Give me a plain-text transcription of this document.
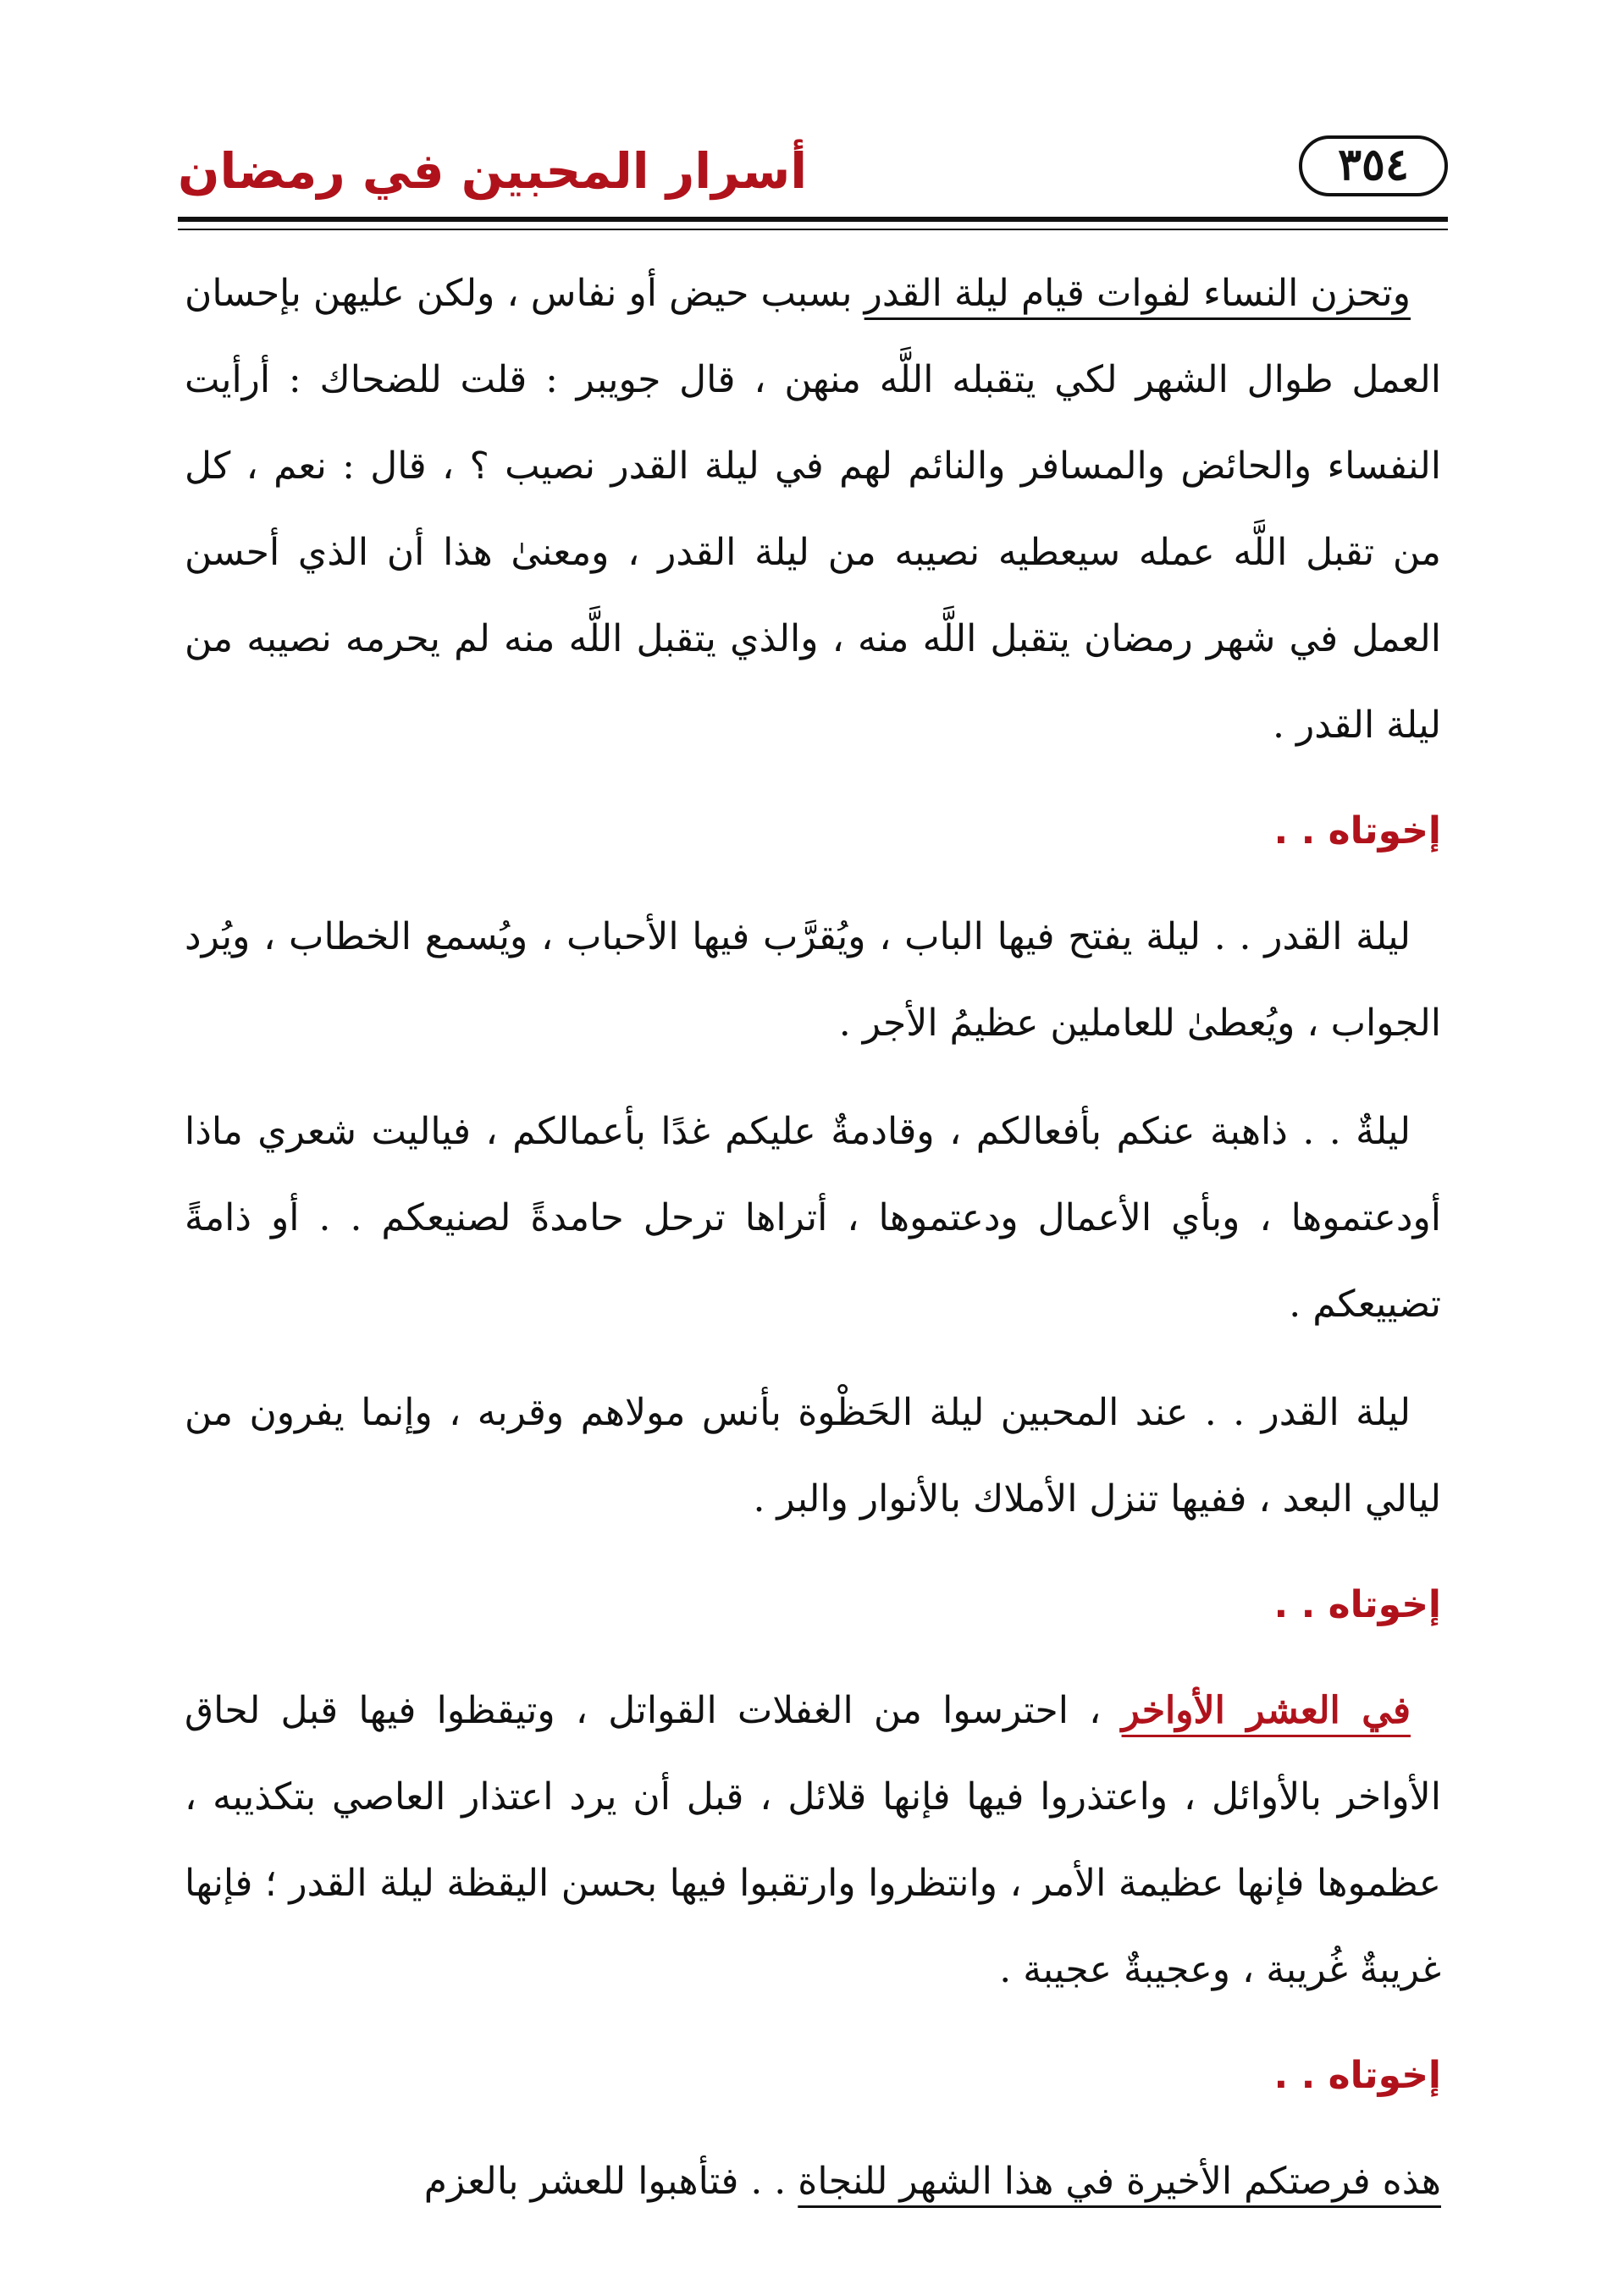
أسرار المحبين في رمضان	٣٥٤

وتحزن النساء لفوات قيام ليلة القدر بسبب حيض أو نفاس ، ولكن عليهن بإحسان العمل طوال الشهر لكي يتقبله اللَّه منهن ، قال جويبر : قلت للضحاك : أرأيت النفساء والحائض والمسافر والنائم لهم في ليلة القدر نصيب ؟ ، قال : نعم ، كل من تقبل اللَّه عمله سيعطيه نصيبه من ليلة القدر ، ومعنىٰ هذا أن الذي أحسن العمل في شهر رمضان يتقبل اللَّه منه ، والذي يتقبل اللَّه منه لم يحرمه نصيبه من ليلة القدر .

إخوتاه . .

ليلة القدر . . ليلة يفتح فيها الباب ، ويُقرَّب فيها الأحباب ، ويُسمع الخطاب ، ويُرد الجواب ، ويُعطىٰ للعاملين عظيمُ الأجر .

ليلةٌ . . ذاهبة عنكم بأفعالكم ، وقادمةٌ عليكم غدًا بأعمالكم ، فياليت شعري ماذا أودعتموها ، وبأي الأعمال ودعتموها ، أتراها ترحل حامدةً لصنيعكم . . أو ذامةً تضييعكم .

ليلة القدر . . عند المحبين ليلة الحَظْوة بأنس مولاهم وقربه ، وإنما يفرون من ليالي البعد ، ففيها تنزل الأملاك بالأنوار والبر .

إخوتاه . .

في العشر الأواخر ، احترسوا من الغفلات القواتل ، وتيقظوا فيها قبل لحاق الأواخر بالأوائل ، واعتذروا فيها فإنها قلائل ، قبل أن يرد اعتذار العاصي بتكذيبه ، عظموها فإنها عظيمة الأمر ، وانتظروا وارتقبوا فيها بحسن اليقظة ليلة القدر ؛ فإنها غريبةٌ غُريبة ، وعجيبةٌ عجيبة .

إخوتاه . .

هذه فرصتكم الأخيرة في هذا الشهر للنجاة . . فتأهبوا للعشر بالعزم
